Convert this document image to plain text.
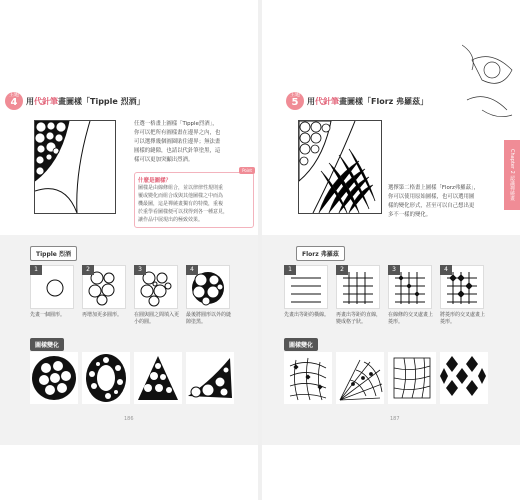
主題
4	用代針筆畫圖樣「Tipple 烈酒」
任選一格畫上圖樣「Tipple烈酒」，
你可以把所有圓樣畫在邊界之內，也
可以選擇幾個圓圈貼住邊界；無法畫
圓樣的縫隙，也請以代針筆塗黑，這
樣可以更加突顯出烈酒。
Point
什麼是圖樣？
圖樣是由線條組合，並以律律性規則重
覆或變化而組合成與其他圖樣之中而為
機最圖，這是禪繞畫獨有的特徵，重複
於重學看圖樣便可以找得到各一種意見，
讓作品中展現出的極致效果。
Tipple 烈酒
1	2	3	4
先畫一個圓形。	再增加更多圓形。	在圓與圓之間填入更小的圓。
最後將圓形以外的縫隙塗黑。
圖樣變化
186
主題
5	用代針筆畫圖樣「Florz 弗羅茲」
選擇第二格畫上圖樣「Florz弗羅茲」，
你可以使用原始圖樣，也可以選用圖
樣的變化形式，甚至可以自己想出更
多不一樣的變化。
Florz 弗羅茲
1	2	3	4
先畫出等距的橫線。	再畫出等距的直線，變成格子狀。
在線條的交叉處畫上菱形。
將菱形的交叉處畫上菱形。
圖樣變化
187
Chapter 2 認識禪繞畫
